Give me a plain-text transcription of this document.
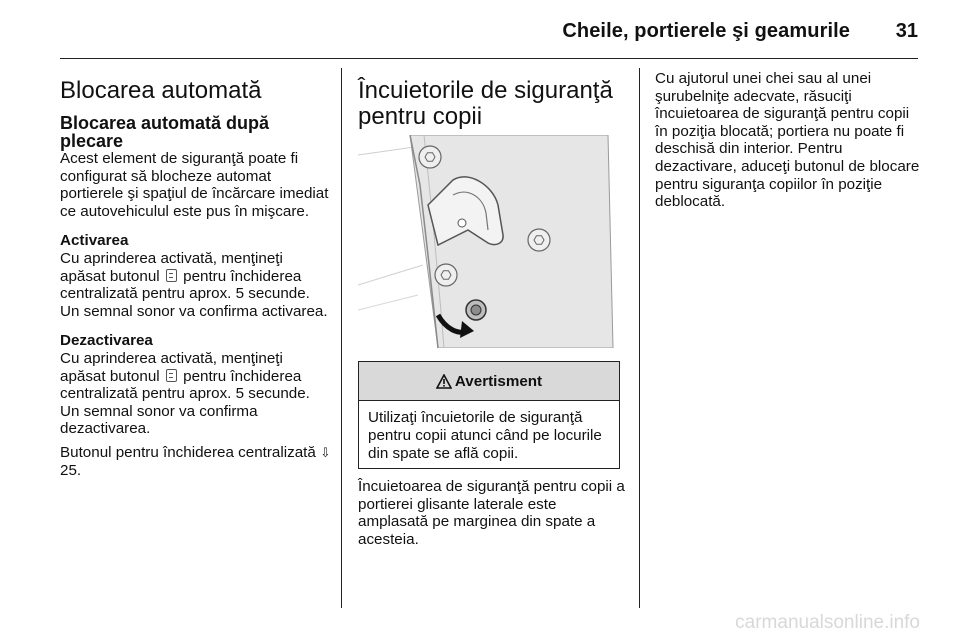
Cheile, portierele şi geamurile 31
Blocarea automată
Blocarea automată după plecare

Acest element de siguranţă poate fi configurat să blocheze automat portierele şi spaţiul de încărcare imediat ce autovehiculul este pus în mişcare.

Activarea

Cu aprinderea activată, menţineţi apăsat butonul pentru închiderea centralizată pentru aprox. 5 secunde. Un semnal sonor va confirma activarea.

Dezactivarea

Cu aprinderea activată, menţineţi apăsat butonul pentru închiderea centralizată pentru aprox. 5 secunde. Un semnal sonor va confirma dezactivarea.

Butonul pentru închiderea centralizată ⇩ 25.

Încuietorile de siguranţă pentru copii
Avertisment
Utilizaţi încuietorile de siguranţă pentru copii atunci când pe locurile din spate se află copii.
Încuietoarea de siguranţă pentru copii a portierei glisante laterale este amplasată pe marginea din spate a acesteia.

Cu ajutorul unei chei sau al unei şurubelniţe adecvate, răsuciţi încuietoarea de siguranţă pentru copii în poziţia blocată; portiera nu poate fi deschisă din interior. Pentru dezactivare, aduceţi butonul de blocare pentru siguranţa copiilor în poziţie deblocată.

carmanualsonline.info
